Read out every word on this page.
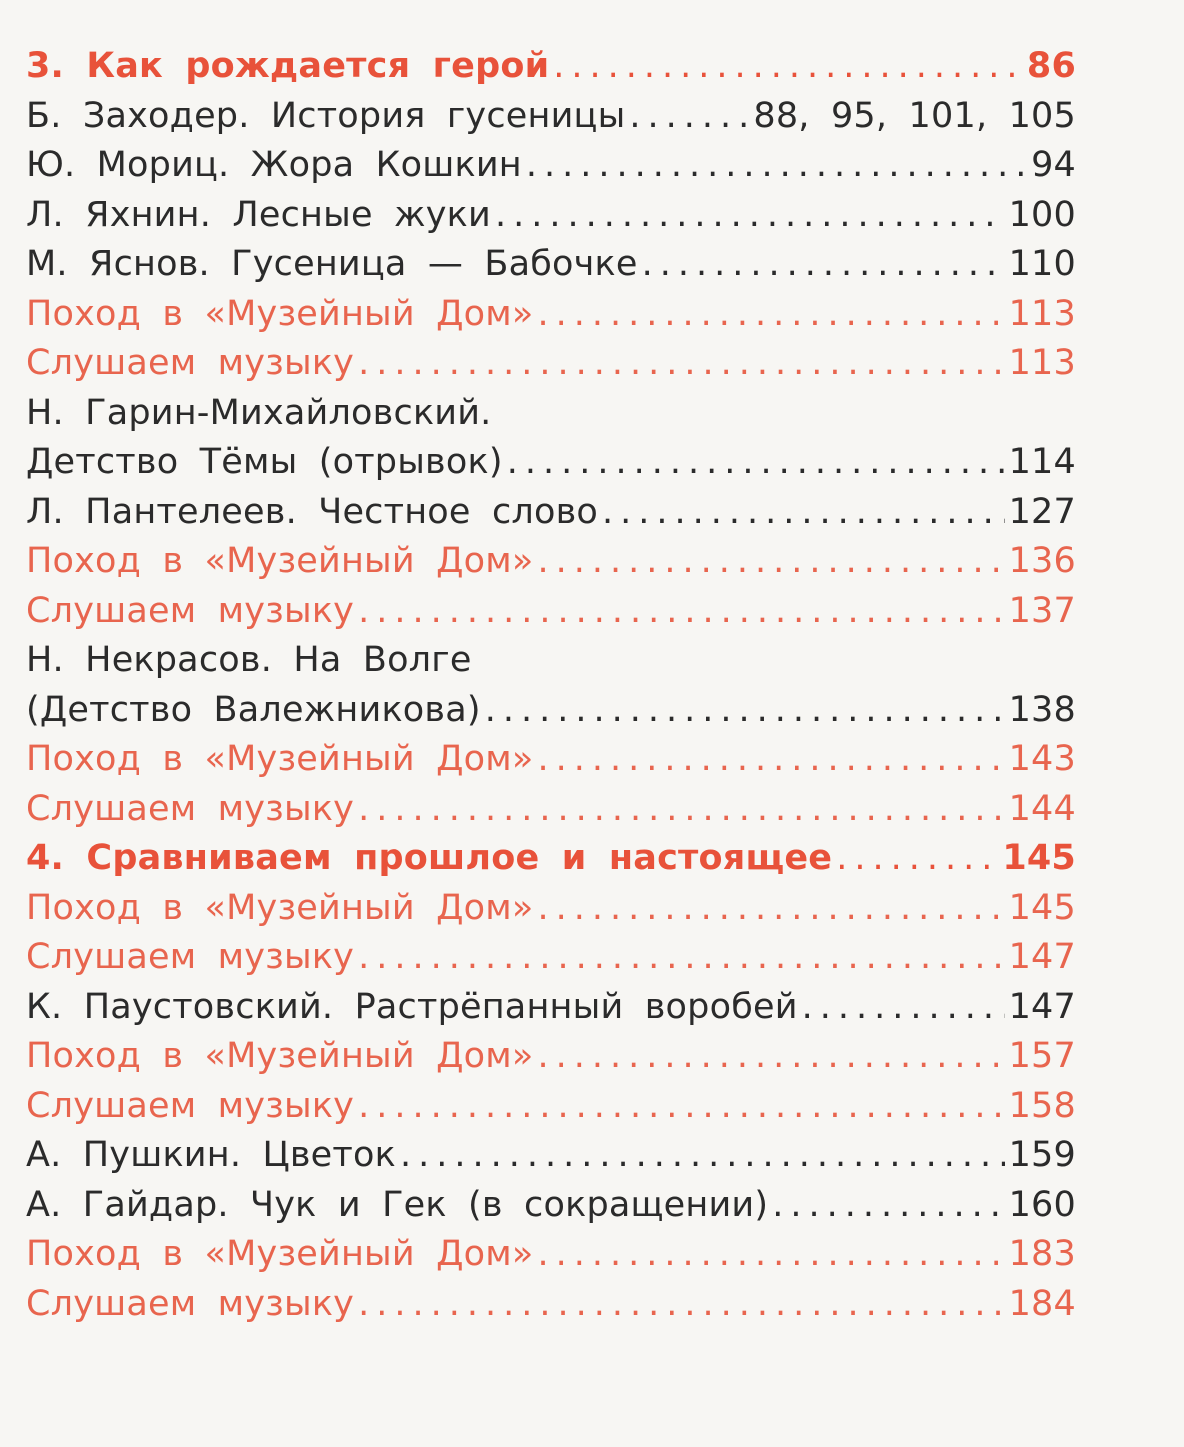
3. Как рождается герой .....	86
Б. Заходер. История гусеницы .....	88, 95, 101, 105
Ю. Мориц. Жора Кошкин .....	94
Л. Яхнин. Лесные жуки .....	100
М. Яснов. Гусеница — Бабочке .....	110
Поход в «Музейный Дом» .....	113
Слушаем музыку .....	113
Н. Гарин-Михайловский.
Детство Тёмы (отрывок) .....	114
Л. Пантелеев. Честное слово .....	127
Поход в «Музейный Дом» .....	136
Слушаем музыку .....	137
Н. Некрасов. На Волге
(Детство Валежникова) .....	138
Поход в «Музейный Дом» .....	143
Слушаем музыку .....	144
4. Сравниваем прошлое и настоящее .....	145
Поход в «Музейный Дом» .....	145
Слушаем музыку .....	147
К. Паустовский. Растрёпанный воробей .....	147
Поход в «Музейный Дом» .....	157
Слушаем музыку .....	158
А. Пушкин. Цветок .....	159
А. Гайдар. Чук и Гек (в сокращении) .....	160
Поход в «Музейный Дом» .....	183
Слушаем музыку .....	184
